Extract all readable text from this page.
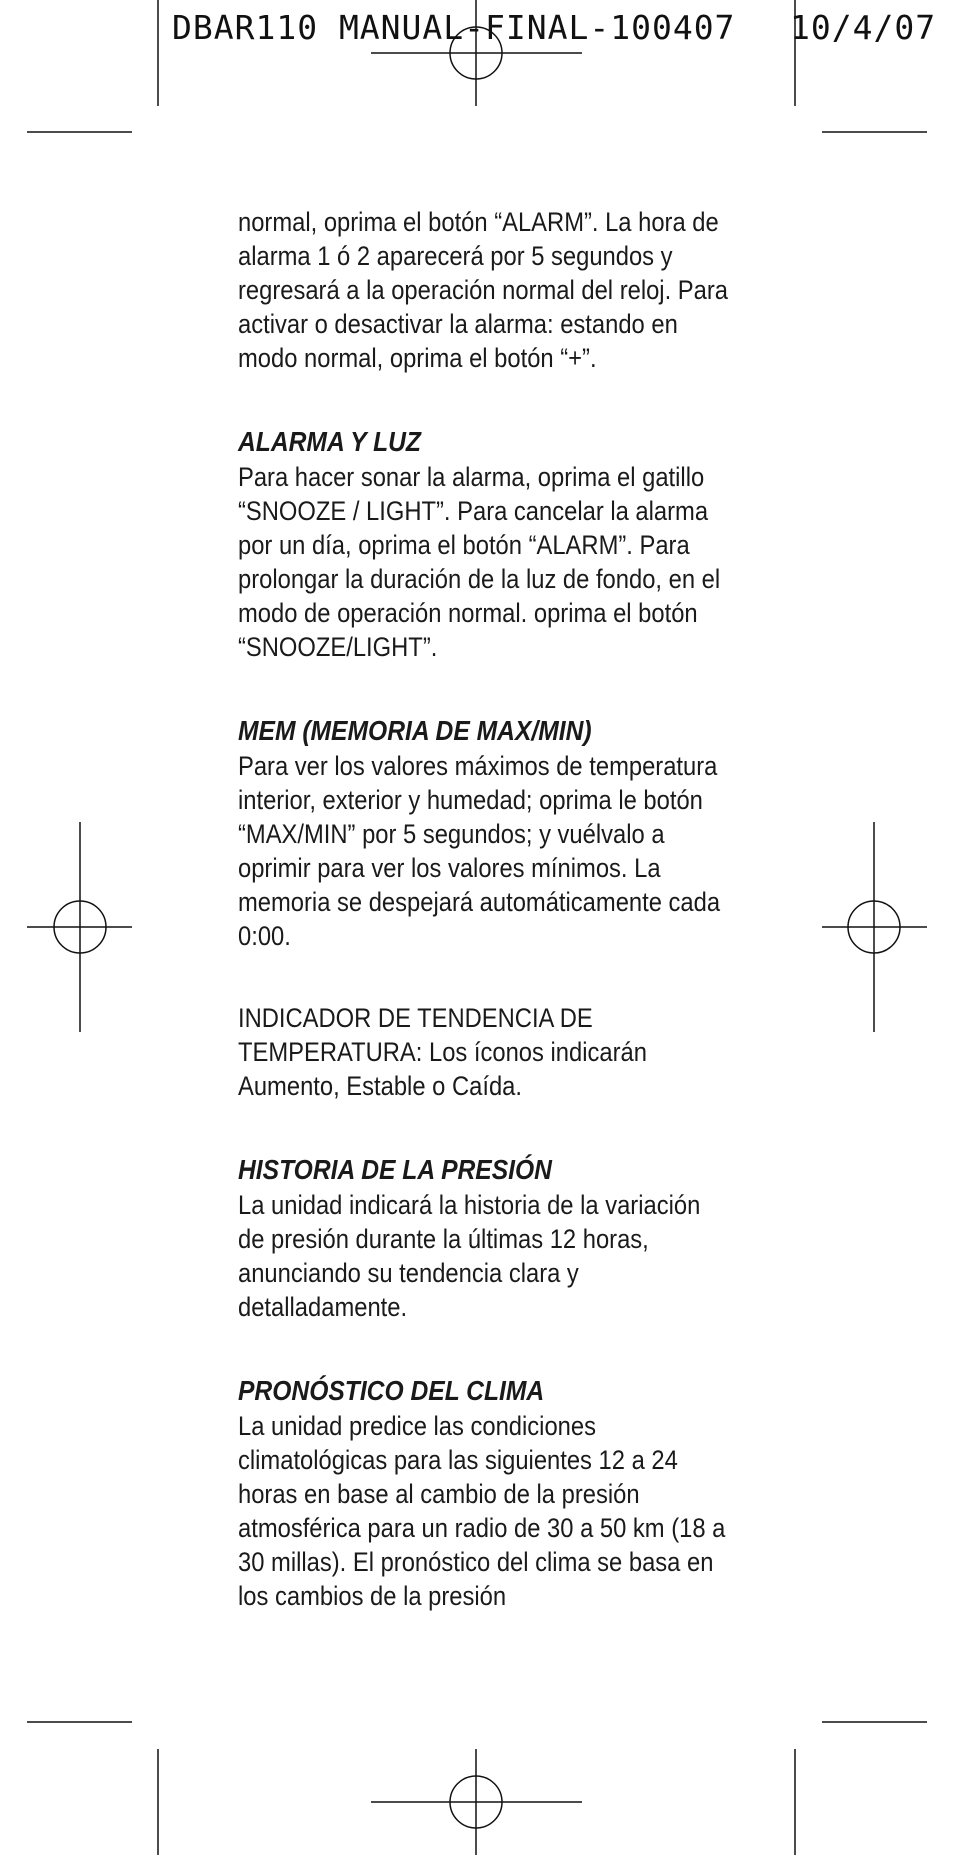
DBAR110 MANUAL-FINAL-100407 10/4/07

normal, oprima el botón “ALARM”. La hora de alarma 1 ó 2 aparecerá por 5 segundos y regresará a la operación normal del reloj. Para activar o desactivar la alarma: estando en modo normal, oprima el botón “+”.

ALARMA Y LUZ

Para hacer sonar la alarma, oprima el gatillo “SNOOZE / LIGHT”. Para cancelar la alarma por un día, oprima el botón “ALARM”. Para prolongar la duración de la luz de fondo, en el modo de operación normal. oprima el botón “SNOOZE/LIGHT”.

MEM (MEMORIA DE MAX/MIN)

Para ver los valores máximos de temperatura interior, exterior y humedad; oprima le botón “MAX/MIN” por 5 segundos; y vuélvalo a oprimir para ver los valores mínimos. La memoria se despejará automáticamente cada 0:00.

INDICADOR DE TENDENCIA DE TEMPERATURA: Los íconos indicarán Aumento, Estable o Caída.

HISTORIA DE LA PRESIÓN

La unidad indicará la historia de la variación de presión durante la últimas 12 horas, anunciando su tendencia clara y detalladamente.

PRONÓSTICO DEL CLIMA

La unidad predice las condiciones climatológicas para las siguientes 12 a 24 horas en base al cambio de la presión atmosférica para un radio de 30 a 50 km (18 a 30 millas). El pronóstico del clima se basa en los cambios de la presión
